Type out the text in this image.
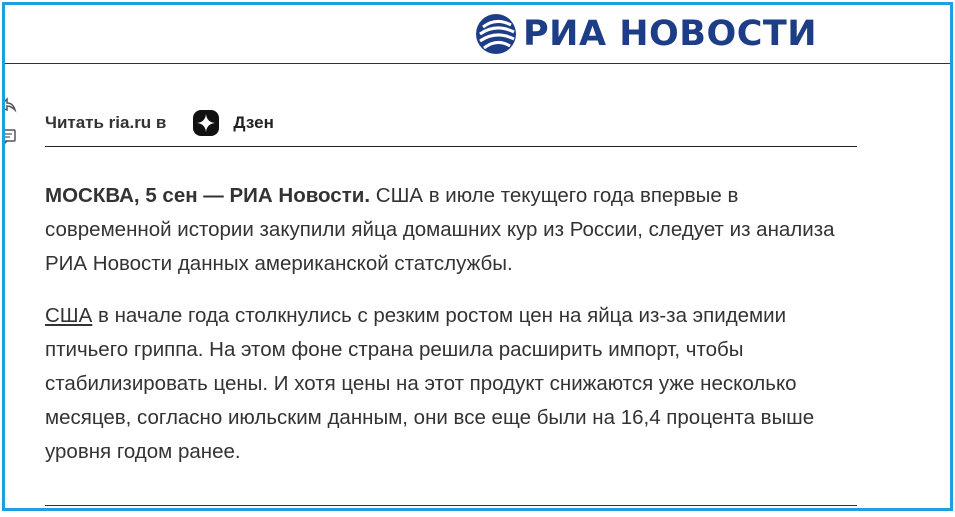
РИА НОВОСТИ
Читать ria.ru в	Дзен

МОСКВА, 5 сен — РИА Новости. США в июле текущего года впервые в современной истории закупили яйца домашних кур из России, следует из анализа РИА Новости данных американской статслужбы.

США в начале года столкнулись с резким ростом цен на яйца из-за эпидемии птичьего гриппа. На этом фоне страна решила расширить импорт, чтобы стабилизировать цены. И хотя цены на этот продукт снижаются уже несколько месяцев, согласно июльским данным, они все еще были на 16,4 процента выше уровня годом ранее.
